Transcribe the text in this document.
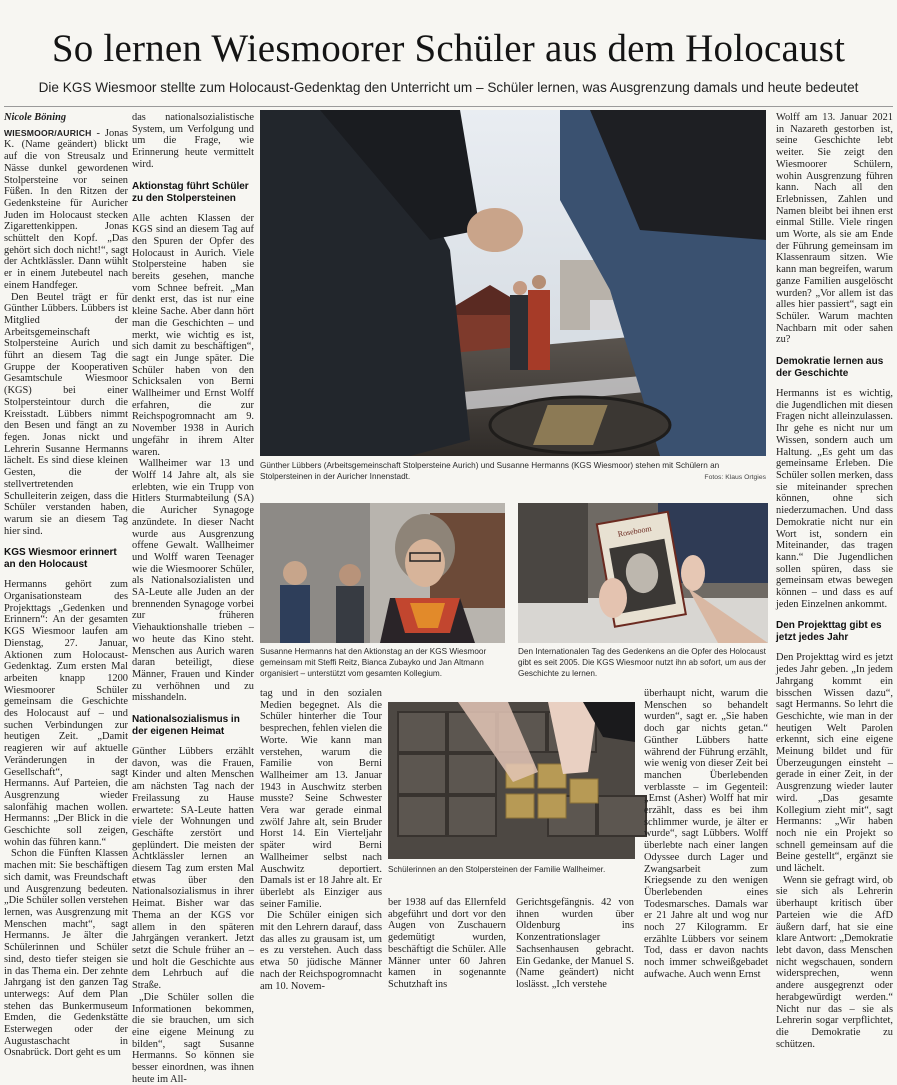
So lernen Wiesmoorer Schüler aus dem Holocaust
Die KGS Wiesmoor stellte zum Holocaust-Gedenktag den Unterricht um – Schüler lernen, was Ausgrenzung damals und heute bedeutet
Nicole Böning

WIESMOOR/AURICH - Jonas K. (Name geändert) blickt auf die von Streusalz und Nässe dunkel gewordenen Stolpersteine vor seinen Füßen. In den Ritzen der Gedenksteine für Auricher Juden im Holocaust stecken Zigarettenkippen. Jonas schüttelt den Kopf. „Das gehört sich doch nicht!“, sagt der Achtklässler. Dann wühlt er in einem Jutebeutel nach einem Handfeger.

Den Beutel trägt er für Günther Lübbers. Lübbers ist Mitglied der Arbeitsgemeinschaft Stolpersteine Aurich und führt an diesem Tag die Gruppe der Kooperativen Gesamtschule Wiesmoor (KGS) bei einer Stolpersteintour durch die Kreisstadt. Lübbers nimmt den Besen und fängt an zu fegen. Jonas nickt und Lehrerin Susanne Hermanns lächelt. Es sind diese kleinen Gesten, die der stellvertretenden Schulleiterin zeigen, dass die Schüler verstanden haben, warum sie an diesem Tag hier sind.

KGS Wiesmoor erinnert an den Holocaust

Hermanns gehört zum Organisationsteam des Projekttags „Gedenken und Erinnern“: An der gesamten KGS Wiesmoor laufen am Dienstag, 27. Januar, Aktionen zum Holocaust-Gedenktag. Zum ersten Mal arbeiten knapp 1200 Wiesmoorer Schüler gemeinsam die Geschichte des Holocaust auf – und suchen Verbindungen zur heutigen Zeit. „Damit reagieren wir auf aktuelle Veränderungen in der Gesellschaft“, sagt Hermanns. Auf Parteien, die Ausgrenzung wieder salonfähig machen wollen. Hermanns: „Der Blick in die Geschichte soll zeigen, wohin das führen kann.“

Schon die Fünften Klassen machen mit: Sie beschäftigen sich damit, was Freundschaft und Ausgrenzung bedeuten. „Die Schüler sollen verstehen lernen, was Ausgrenzung mit Menschen macht“, sagt Hermanns. Je älter die Schülerinnen und Schüler sind, desto tiefer steigen sie in das Thema ein. Der zehnte Jahrgang ist den ganzen Tag unterwegs: Auf dem Plan stehen das Bunkermuseum Emden, die Gedenkstätte Esterwegen oder der Augustaschacht in Osnabrück. Dort geht es um

das nationalsozialistische System, um Verfolgung und um die Frage, wie Erinnerung heute vermittelt wird.

Aktionstag führt Schüler zu den Stolpersteinen

Alle achten Klassen der KGS sind an diesem Tag auf den Spuren der Opfer des Holocaust in Aurich. Viele Stolpersteine haben sie bereits gesehen, manche vom Schnee befreit. „Man denkt erst, das ist nur eine kleine Sache. Aber dann hört man die Geschichten – und merkt, wie wichtig es ist, sich damit zu beschäftigen“, sagt ein Junge später. Die Schüler haben von den Schicksalen von Berni Wallheimer und Ernst Wolff erfahren, die zur Reichspogromnacht am 9. November 1938 in Aurich ungefähr in ihrem Alter waren.

Wallheimer war 13 und Wolff 14 Jahre alt, als sie erlebten, wie ein Trupp von Hitlers Sturmabteilung (SA) die Auricher Synagoge anzündete. In dieser Nacht wurde aus Ausgrenzung offene Gewalt. Wallheimer und Wolff waren Teenager wie die Wiesmoorer Schüler, als Nationalsozialisten und SA-Leute alle Juden an der brennenden Synagoge vorbei zur früheren Viehauktionshalle trieben – wo heute das Kino steht. Menschen aus Aurich waren daran beteiligt, diese Männer, Frauen und Kinder zu verhöhnen und zu misshandeln.

Nationalsozialismus in der eigenen Heimat

Günther Lübbers erzählt davon, was die Frauen, Kinder und alten Menschen am nächsten Tag nach der Freilassung zu Hause erwartete: SA-Leute hatten viele der Wohnungen und Geschäfte zerstört und geplündert. Die meisten der Achtklässler lernen an diesem Tag zum ersten Mal etwas über den Nationalsozialismus in ihrer Heimat. Bisher war das Thema an der KGS vor allem in den späteren Jahrgängen verankert. Jetzt setzt die Schule früher an – und holt die Geschichte aus dem Lehrbuch auf die Straße.

„Die Schüler sollen die Informationen bekommen, die sie brauchen, um sich eine eigene Meinung zu bilden“, sagt Susanne Hermanns. So können sie besser einordnen, was ihnen heute im All-

Günther Lübbers (Arbeitsgemeinschaft Stolpersteine Aurich) und Susanne Hermanns (KGS Wiesmoor) stehen mit Schülern an Stolpersteinen in der Auricher Innenstadt.	Fotos: Klaus Ortgies
Susanne Hermanns hat den Aktionstag an der KGS Wiesmoor gemeinsam mit Steffi Reitz, Bianca Zubayko und Jan Altmann organisiert – unterstützt vom gesamten Kollegium.
Roseboom
Den Internationalen Tag des Gedenkens an die Opfer des Holocaust gibt es seit 2005. Die KGS Wiesmoor nutzt ihn ab sofort, um aus der Geschichte zu lernen.

tag und in den sozialen Medien begegnet. Als die Schüler hinterher die Tour besprechen, fehlen vielen die Worte. Wie kann man verstehen, warum die Familie von Berni Wallheimer am 13. Januar 1943 in Auschwitz sterben musste? Seine Schwester Vera war gerade einmal zwölf Jahre alt, sein Bruder Horst 14. Ein Vierteljahr später wird Berni Wallheimer selbst nach Auschwitz deportiert. Damals ist er 18 Jahre alt. Er überlebt als Einziger aus seiner Familie.

Die Schüler einigen sich mit den Lehrern darauf, dass das alles zu grausam ist, um es zu verstehen. Auch dass etwa 50 jüdische Männer nach der Reichspogromnacht am 10. Novem-

Schülerinnen an den Stolpersteinen der Familie Wallheimer.

ber 1938 auf das Ellernfeld abgeführt und dort vor den Augen von Zuschauern gedemütigt wurden, beschäftigt die Schüler. Alle Männer unter 60 Jahren kamen in sogenannte Schutzhaft ins

Gerichtsgefängnis. 42 von ihnen wurden über Oldenburg ins Konzentrationslager Sachsenhausen gebracht. Ein Gedanke, der Manuel S. (Name geändert) nicht loslässt. „Ich verstehe

überhaupt nicht, warum die Menschen so behandelt wurden“, sagt er. „Sie haben doch gar nichts getan.“ Günther Lübbers hatte während der Führung erzählt, wie wenig von dieser Zeit bei manchen Überlebenden verblasste – im Gegenteil: „Ernst (Asher) Wolff hat mir erzählt, dass es bei ihm schlimmer wurde, je älter er wurde“, sagt Lübbers. Wolff überlebte nach einer langen Odyssee durch Lager und Zwangsarbeit zum Kriegsende zu den wenigen Überlebenden eines Todesmarsches. Damals war er 21 Jahre alt und wog nur noch 27 Kilogramm. Er erzählte Lübbers vor seinem Tod, dass er davon nachts noch immer schweißgebadet aufwache. Auch wenn Ernst

Wolff am 13. Januar 2021 in Nazareth gestorben ist, seine Geschichte lebt weiter. Sie zeigt den Wiesmoorer Schülern, wohin Ausgrenzung führen kann. Nach all den Erlebnissen, Zahlen und Namen bleibt bei ihnen erst einmal Stille. Viele ringen um Worte, als sie am Ende der Führung gemeinsam im Klassenraum sitzen. Wie kann man begreifen, warum ganze Familien ausgelöscht wurden? „Vor allem ist das alles hier passiert“, sagt ein Schüler. Warum machten Nachbarn mit oder sahen zu?

Demokratie lernen aus der Geschichte

Hermanns ist es wichtig, die Jugendlichen mit diesen Fragen nicht alleinzulassen. Ihr gehe es nicht nur um Wissen, sondern auch um Haltung. „Es geht um das gemeinsame Erleben. Die Schüler sollen merken, dass sie miteinander sprechen können, ohne sich niederzumachen. Und dass Demokratie nicht nur ein Wort ist, sondern ein Miteinander, das tragen kann.“ Die Jugendlichen sollen spüren, dass sie gemeinsam etwas bewegen können – und dass es auf jeden Einzelnen ankommt.

Den Projekttag gibt es jetzt jedes Jahr

Den Projekttag wird es jetzt jedes Jahr geben. „In jedem Jahrgang kommt ein bisschen Wissen dazu“, sagt Hermanns. So lehrt die Geschichte, wie man in der heutigen Welt Parolen erkennt, sich eine eigene Meinung bildet und für Überzeugungen einsteht – gerade in einer Zeit, in der Ausgrenzung wieder lauter wird. „Das gesamte Kollegium zieht mit“, sagt Hermanns: „Wir haben noch nie ein Projekt so schnell gemeinsam auf die Beine gestellt“, ergänzt sie und lächelt.

Wenn sie gefragt wird, ob sie sich als Lehrerin überhaupt kritisch über Parteien wie die AfD äußern darf, hat sie eine klare Antwort: „Demokratie lebt davon, dass Menschen nicht wegschauen, sondern widersprechen, wenn andere ausgegrenzt oder herabgewürdigt werden.“ Nicht nur das – sie als Lehrerin sogar verpflichtet, die Demokratie zu schützen.
